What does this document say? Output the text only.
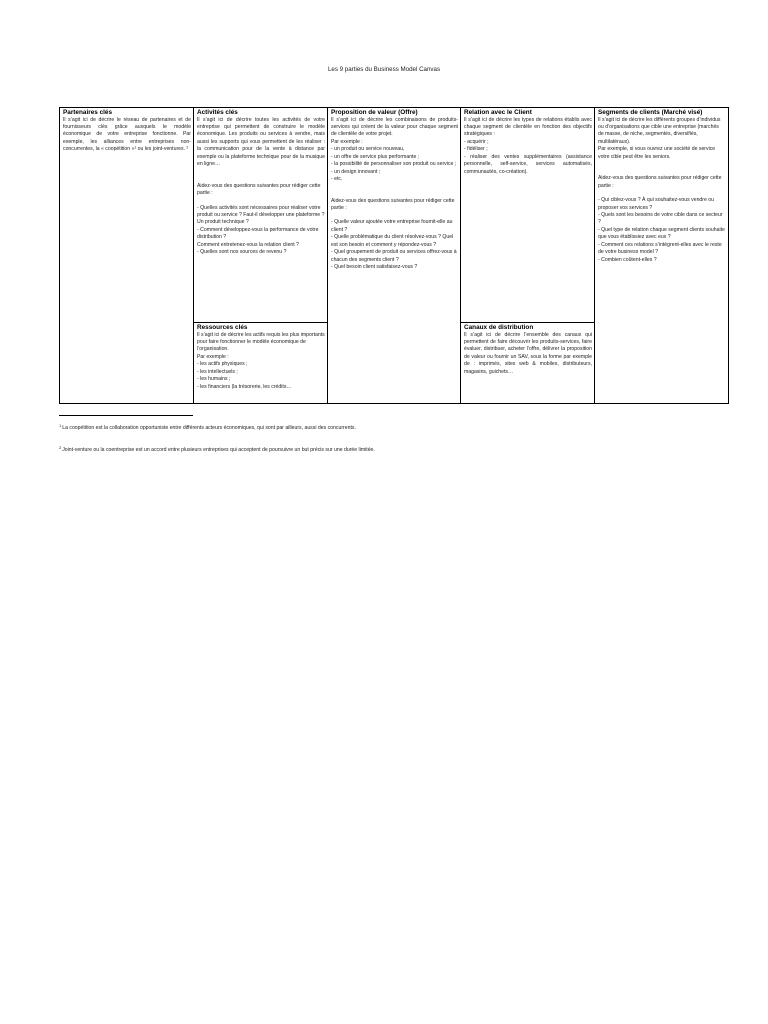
Les 9 parties du Business Model Canvas
Partenaires clés
Il s’agit ici de décrire le réseau de partenaires et de fournisseurs clés grâce auxquels le modèle économique de votre entreprise fonctionne. Par exemple, les alliances entre entreprises non-concurrentes, la « coopétition »¹ ou les joint-ventures. ²
Activités clés
Il s’agit ici de décrire toutes les activités de votre entreprise qui permettent de construire le modèle économique. Les produits ou services à vendre, mais aussi les supports qui vous permettent de les réaliser : la communication pour de la vente à distance par exemple ou la plateforme technique pour de la musique en ligne…
Aidez-vous des questions suivantes pour rédiger cette partie :
- Quelles activités sont nécessaires pour réaliser votre produit ou service ? Faut-il développer une plateforme ? Un produit technique ?
- Comment développez-vous la performance de votre distribution ?
Comment entretenez-vous la relation client ?
- Quelles sont nos sources de revenu ?
Ressources clés
Il s’agit ici de décrire les actifs requis les plus importants pour faire fonctionner le modèle économique de l’organisation.
Par exemple :
- les actifs physiques ;
- les intellectuels ;
- les humains ;
- les financiers (la trésorerie, les crédits…
Proposition de valeur (Offre)
Il s’agit ici de décrire les combinaisons de produits-services qui créent de la valeur pour chaque segment de clientèle de votre projet.
Par exemple :
- un produit ou service nouveau,
- un offre de service plus performante ;
- la possibilité de personnaliser son produit ou service ;
- un design innovant ;
- etc.
Aidez-vous des questions suivantes pour rédiger cette partie :
- Quelle valeur ajoutée votre entreprise fournit-elle au client ?
- Quelle problématique du client résolvez-vous ? Quel est son besoin et comment y répondez-vous ?
- Quel groupement de produit ou services offrez-vous à chacun des segments client ?
- Quel besoin client satisfaisez-vous ?
Relation avec le Client
Il s’agit ici de décrire les types de relations établis avec chaque segment de clientèle en fonction des objectifs stratégiques :
- acquérir ;
- fidéliser ;
- réaliser des ventes supplémentaires (assistance personnelle, self-service, services automatisés, communautés, co-création).
Canaux de distribution
Il s’agit ici de décrire l’ensemble des canaux qui permettent de faire découvrir les produits-services, faire évaluer, distribuer, acheter l’offre, délivrer la proposition de valeur ou fournir un SAV, sous la forme par exemple de : imprimés, sites web & mobiles, distributeurs, magasins, guichets…
Segments de clients (Marché visé)
Il s’agit ici de décrire les différents groupes d’individus ou d’organisations que cible une entreprise (marchés de masse, de niche, segmentés, diversifiés, multilatéraux).
Par exemple, si vous ouvrez une société de service votre cible peut être les seniors.
Aidez-vous des questions suivantes pour rédiger cette partie :
- Qui ciblez-vous ? À qui souhaitez-vous vendre ou proposer vos services ?
- Quels sont les besoins de votre cible dans ce secteur ?
- Quel type de relation chaque segment clients souhaite que vous établissiez avec eux ?
- Comment ces relations s’intègrent-elles avec le reste de votre business model ?
- Combien coûtent-elles ?
$^1$La coopétition est la collaboration opportuniste entre différents acteurs économiques, qui sont par ailleurs, aussi des concurrents.
$^2$Joint-venture ou la coentreprise est un accord entre plusieurs entreprises qui acceptent de poursuivre un but précis sur une durée limitée.
